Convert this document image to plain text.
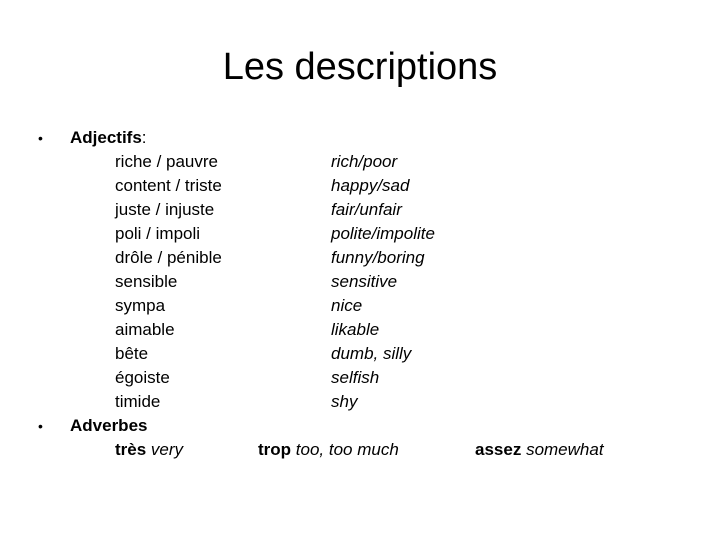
Les descriptions
• Adjectifs:
riche / pauvre
content / triste
juste / injuste
poli / impoli
drôle / pénible
sensible
sympa
aimable
bête
égoiste
timide
rich/poor
happy/sad
fair/unfair
polite/impolite
funny/boring
sensitive
nice
likable
dumb, silly
selfish
shy
• Adverbes
très very	trop too, too much	assez somewhat
